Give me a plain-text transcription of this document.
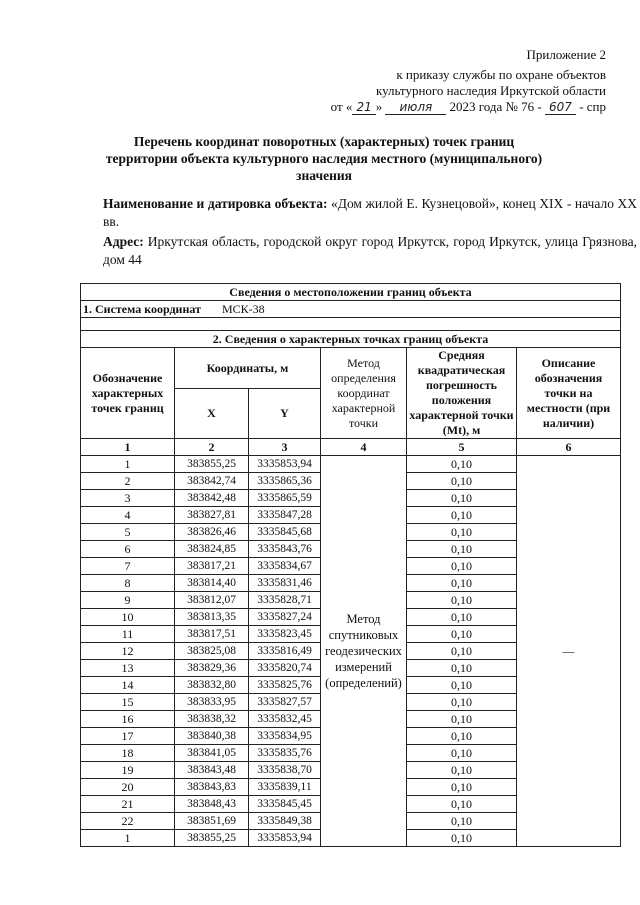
Приложение 2
к приказу службы по охране объектов
культурного наследия Иркутской области
от « 21 » июля 2023 года № 76 - 607 - спр
Перечень координат поворотных (характерных) точек границ
территории объекта культурного наследия местного (муниципального)
значения
Наименование и датировка объекта: «Дом жилой Е. Кузнецовой», конец XIX - начало XX вв.
Адрес: Иркутская область, городской округ город Иркутск, город Иркутск, улица Грязнова, дом 44
Сведения о местоположении границ объекта					
1. Система координат МСК-38					

2. Сведения о характерных точках границ объекта					
Обозначение характерных точек границ	Координаты, м		Метод определения координат характерной точки	Средняя квадратическая погрешность положения характерной точки (Mt), м	Описание обозначения точки на местности (при наличии)
	X	Y			
1	2	3	4	5	6
1	383855,25	3335853,94	Метод спутниковых геодезических измерений (определений)	0,10	—
2	383842,74	3335865,36		0,10	
3	383842,48	3335865,59		0,10	
4	383827,81	3335847,28		0,10	
5	383826,46	3335845,68		0,10	
6	383824,85	3335843,76		0,10	
7	383817,21	3335834,67		0,10	
8	383814,40	3335831,46		0,10	
9	383812,07	3335828,71		0,10	
10	383813,35	3335827,24		0,10	
11	383817,51	3335823,45		0,10	
12	383825,08	3335816,49		0,10	
13	383829,36	3335820,74		0,10	
14	383832,80	3335825,76		0,10	
15	383833,95	3335827,57		0,10	
16	383838,32	3335832,45		0,10	
17	383840,38	3335834,95		0,10	
18	383841,05	3335835,76		0,10	
19	383843,48	3335838,70		0,10	
20	383843,83	3335839,11		0,10	
21	383848,43	3335845,45		0,10	
22	383851,69	3335849,38		0,10	
1	383855,25	3335853,94		0,10	
